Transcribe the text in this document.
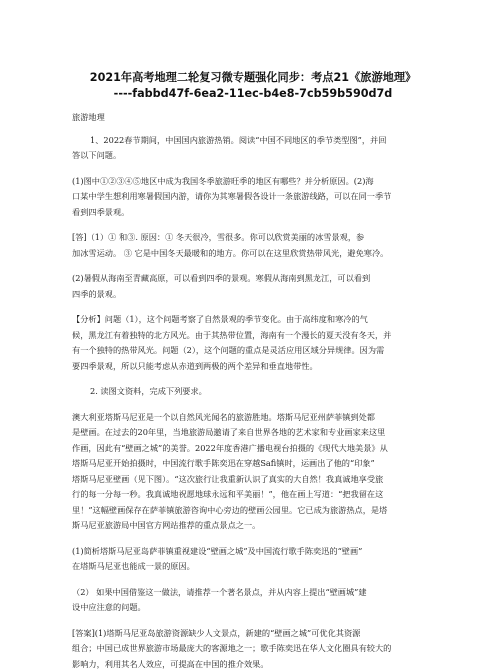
2021年高考地理二轮复习微专题强化同步：考点21《旅游地理》
----fabbd47f-6ea2-11ec-b4e8-7cb59b590d7d

旅游地理

1、2022春节期间，中国国内旅游热销。阅读“中国不同地区的季节类型图”，并回

答以下问题。

(1)图中①②③④⑤地区中成为我国冬季旅游旺季的地区有哪些？并分析原因。(2)海

口某中学生想利用寒暑假国内游，请你为其寒暑假各设计一条旅游线路，可以在同一季节

看到四季景观。

[答]（1）① 和③. 原因：① 冬天很冷，雪很多。你可以欣赏美丽的冰雪景观，参

加冰雪运动。 ③ 它是中国冬天最暖和的地方。你可以在这里欣赏热带风光，避免寒冷。

(2)暑假从海南至青藏高原，可以看到四季的景观。寒假从海南到黑龙江，可以看到

四季的景观。

【分析】问题（1），这个问题考察了自然景观的季节变化。由于高纬度和寒冷的气

候，黑龙江有着独特的北方风光。由于其热带位置，海南有一个漫长的夏天没有冬天，并

有一个独特的热带风光。问题（2），这个问题的重点是灵活应用区域分异规律。因为需

要四季景观，所以只能考虑从赤道到两极的两个差异和垂直地带性。

2. 读图文资料，完成下列要求。

澳大利亚塔斯马尼亚是一个以自然风光闻名的旅游胜地。塔斯马尼亚州萨菲镇到处都

是壁画。在过去的20年里，当地旅游局邀请了来自世界各地的艺术家和专业画家来这里

作画，因此有“壁画之城”的美誉。2022年度香港广播电视台拍摄的《现代大地美景》从

塔斯马尼亚开始拍摄时，中国流行歌手陈奕迅在穿越Safi镇时，运画出了他的“印象”

塔斯马尼亚壁画（见下图）。“这次旅行让我重新认识了真实的大自然！我真诚地享受旅

行的每一分每一秒。我真诚地祝愿地球永远和平美丽！”，他在画上写道：“把我留在这

里！”这幅壁画保存在萨菲镇旅游咨询中心旁边的壁画公园里。它已成为旅游热点，是塔

斯马尼亚旅游局中国官方网站推荐的重点景点之一。

(1)简析塔斯马尼亚岛萨菲镇重视建设“壁画之城”及中国流行歌手陈奕迅的“壁画”

在塔斯马尼亚也能成一景的原因。

（2） 如果中国借鉴这一做法，请推荐一个著名景点，并从内容上提出“壁画城”建

设中应注意的问题。

[答案](1)塔斯马尼亚岛旅游资源缺少人文景点，新建的“壁画之城”可优化其资源

组合；中国已成世界旅游市场最庞大的客源地之一；歌手陈奕迅在华人文化圈具有较大的

影响力，利用其名人效应，可提高在中国的推介效果。
